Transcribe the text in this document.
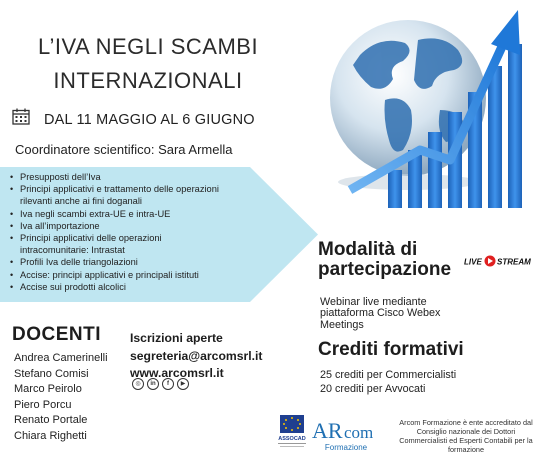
L’IVA NEGLI SCAMBI
INTERNAZIONALI
DAL 11 MAGGIO AL 6 GIUGNO
Coordinatore scientifico: Sara Armella
• Presupposti dell’Iva
• Principi applicativi e trattamento delle operazioni
rilevanti anche ai fini doganali
• Iva negli scambi extra-UE e intra-UE
• Iva all’importazione
• Principi applicativi delle operazioni
intracomunitarie: Intrastat
• Profili Iva delle triangolazioni
• Accise: principi applicativi e principali istituti
• Accise sui prodotti alcolici
Modalità di
partecipazione	LIVE STREAM
Webinar live mediante
piattaforma Cisco Webex
Meetings
Crediti formativi
25 crediti per Commercialisti
20 crediti per Avvocati
DOCENTI
Andrea Camerinelli
Stefano Comisi
Marco Peirolo
Piero Porcu
Renato Portale
Chiara Righetti
Iscrizioni aperte
segreteria@arcomsrl.it
www.arcomsrl.it
◎	in	f	▶
ASSOCAD AR com
Formazione
Arcom Formazione è ente accreditato dal
Consiglio nazionale dei Dottori
Commercialisti ed Esperti Contabili per la
formazione
